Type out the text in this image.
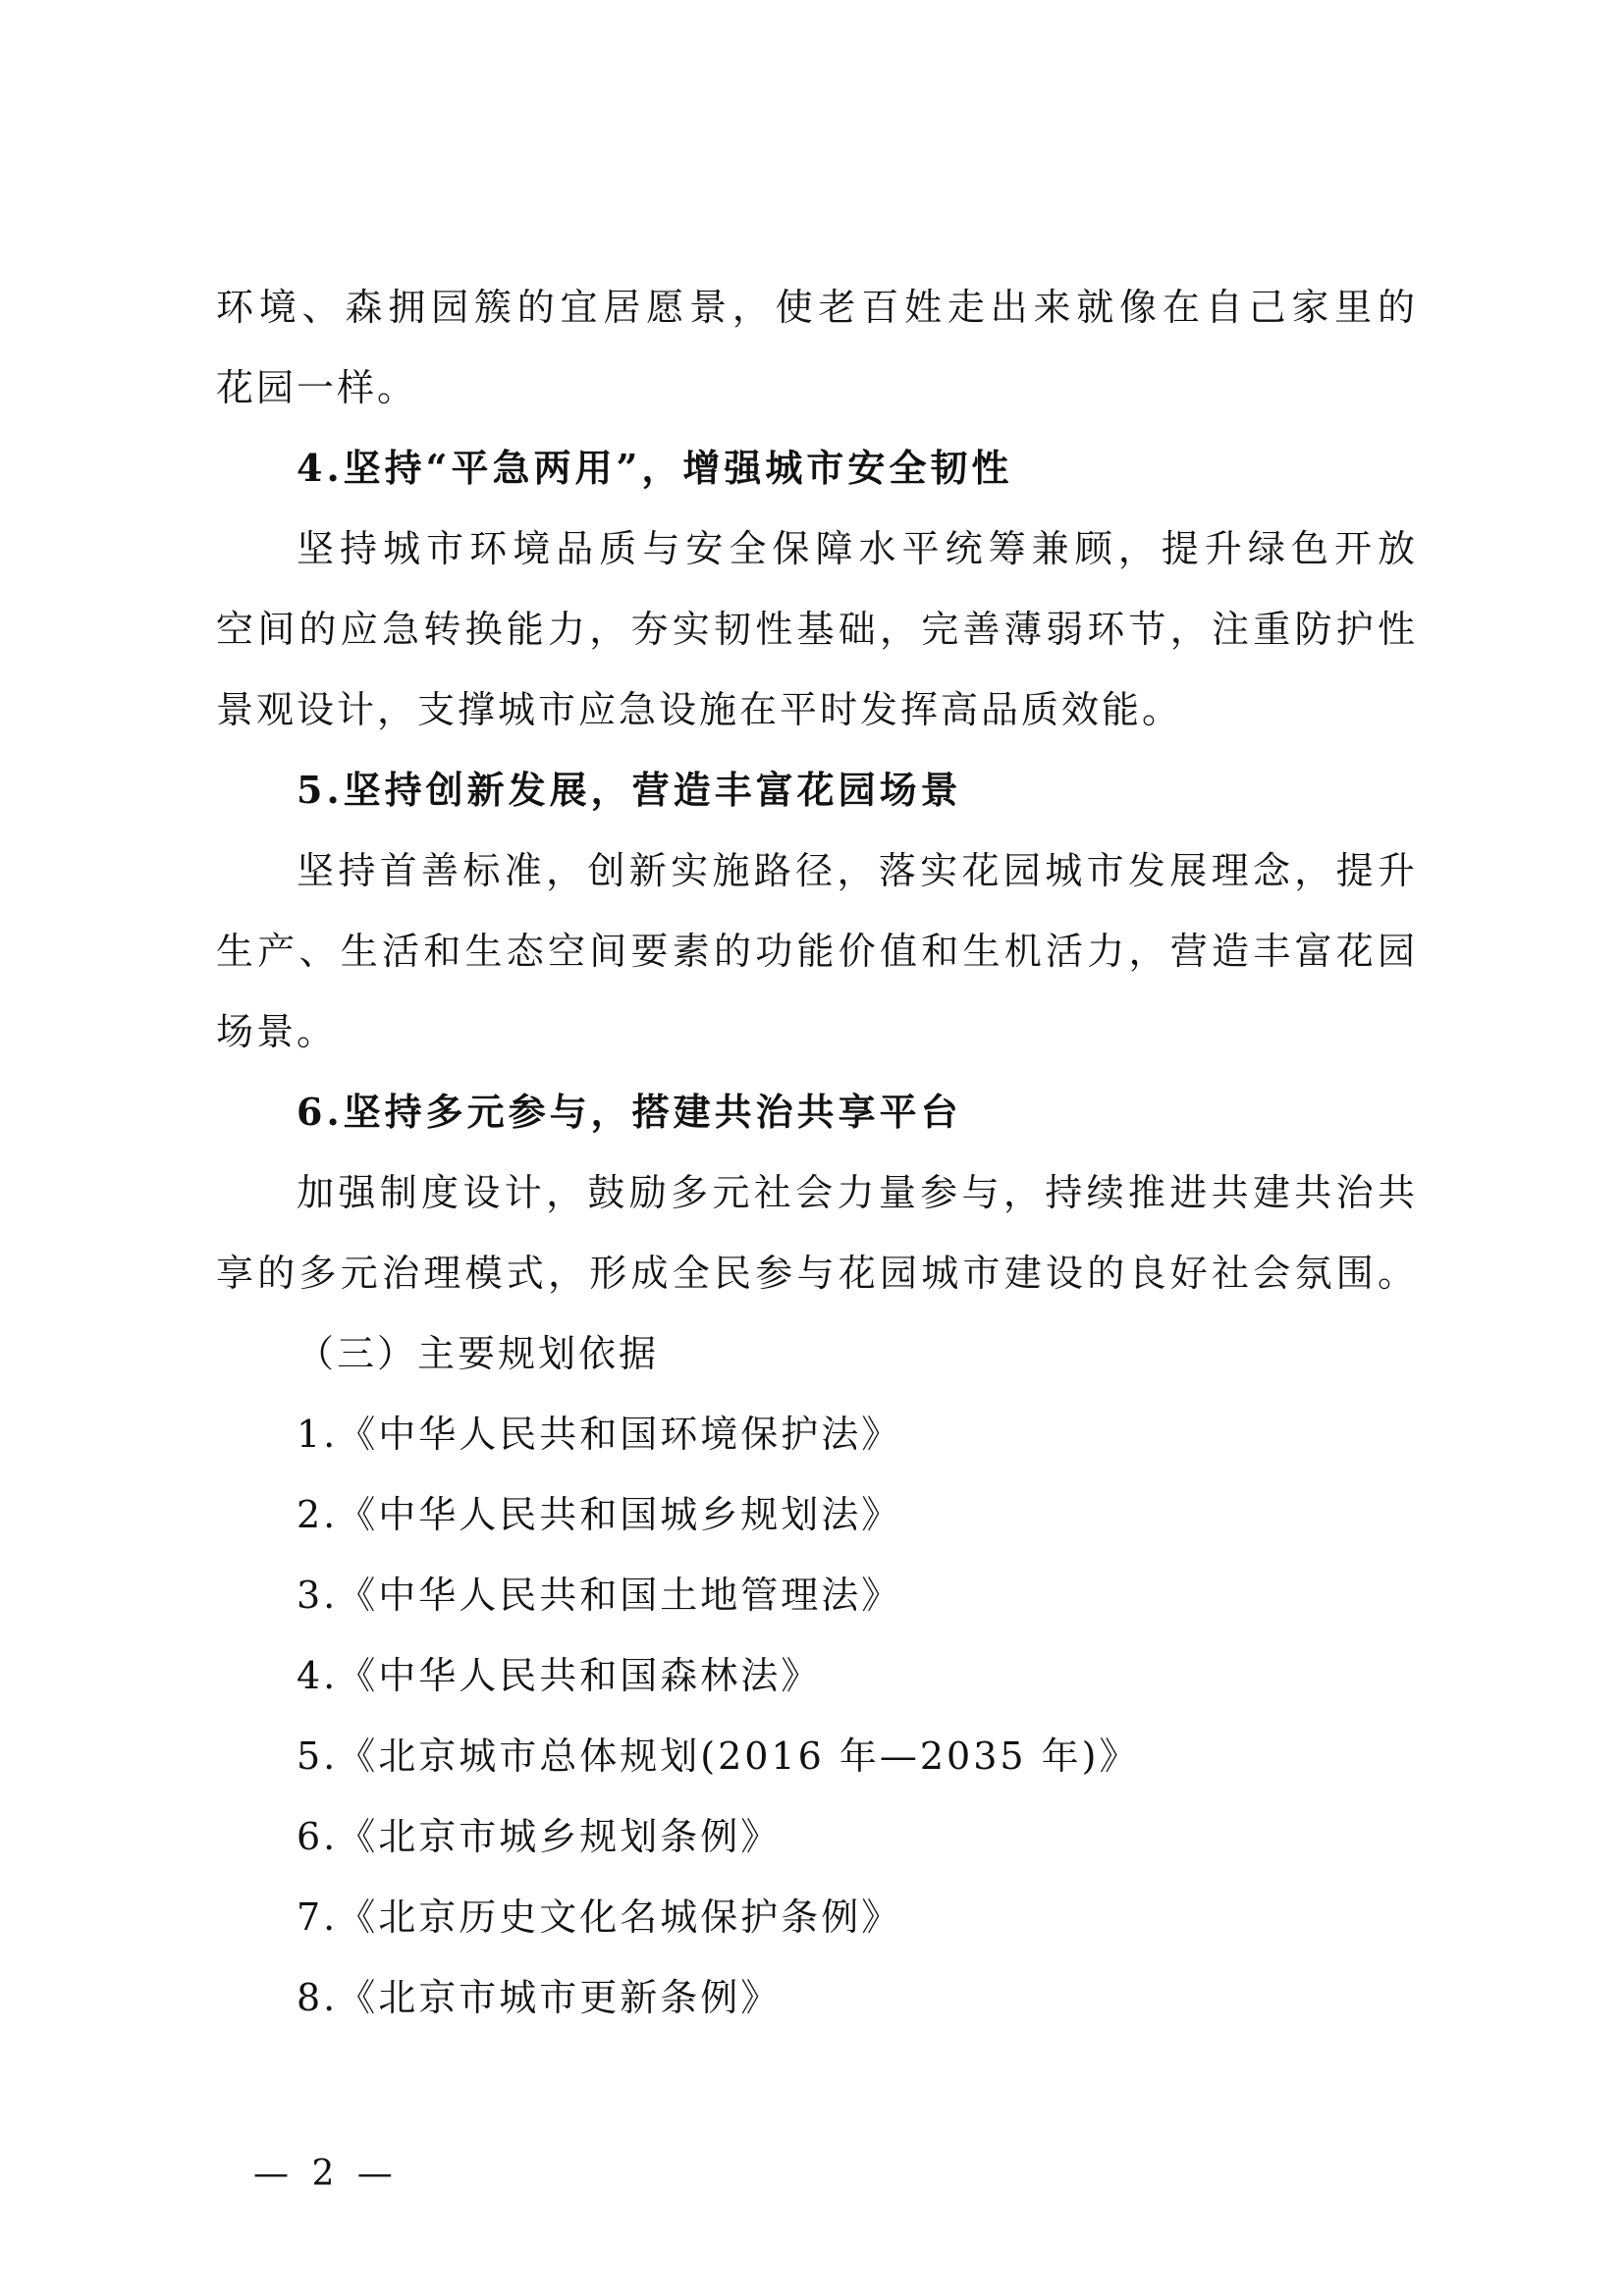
环境、森拥园簇的宜居愿景，使老百姓走出来就像在自己家里的
花园一样。
4.坚持“平急两用”，增强城市安全韧性
坚持城市环境品质与安全保障水平统筹兼顾，提升绿色开放
空间的应急转换能力，夯实韧性基础，完善薄弱环节，注重防护性
景观设计，支撑城市应急设施在平时发挥高品质效能。
5.坚持创新发展，营造丰富花园场景
坚持首善标准，创新实施路径，落实花园城市发展理念，提升
生产、生活和生态空间要素的功能价值和生机活力，营造丰富花园
场景。
6.坚持多元参与，搭建共治共享平台
加强制度设计，鼓励多元社会力量参与，持续推进共建共治共
享的多元治理模式，形成全民参与花园城市建设的良好社会氛围。
（三）主要规划依据
1.《中华人民共和国环境保护法》
2.《中华人民共和国城乡规划法》
3.《中华人民共和国土地管理法》
4.《中华人民共和国森林法》
5.《北京城市总体规划(2016 年—2035 年)》
6.《北京市城乡规划条例》
7.《北京历史文化名城保护条例》
8.《北京市城市更新条例》
— 2 —
